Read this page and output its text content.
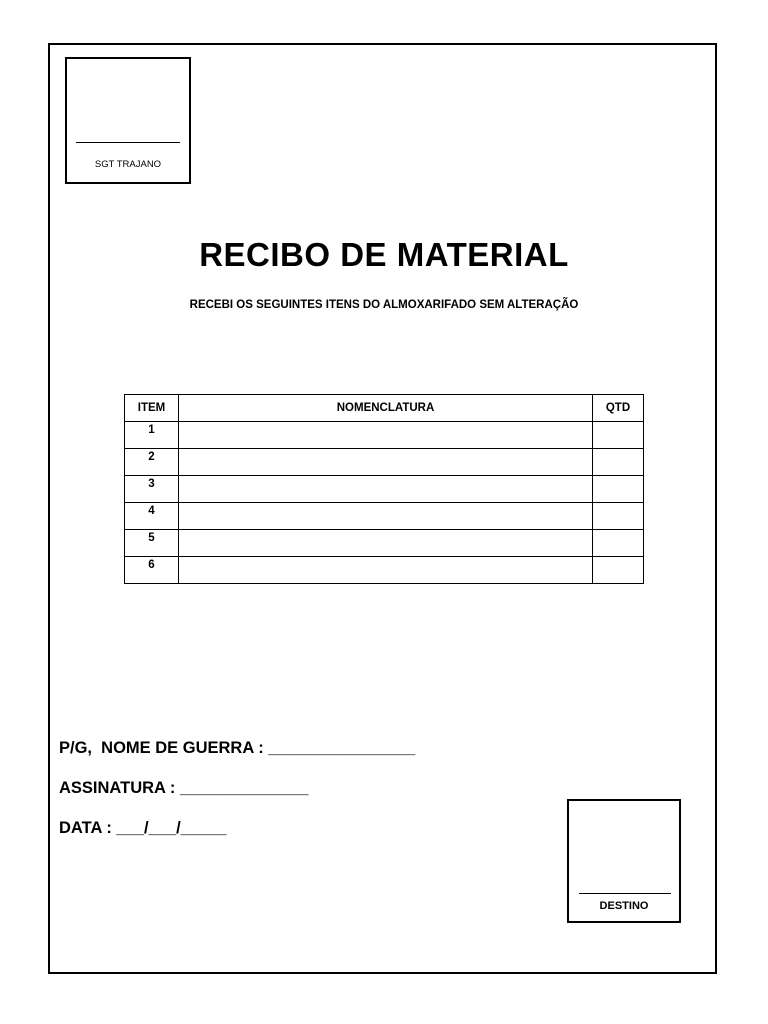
SGT TRAJANO
RECIBO DE MATERIAL
RECEBI OS SEGUINTES ITENS DO ALMOXARIFADO SEM ALTERAÇÃO
ITEM	NOMENCLATURA	QTD
1		
2		
3		
4		
5		
6		
P/G,  NOME DE GUERRA : ________________
ASSINATURA : ______________
DATA : ___/___/_____
DESTINO
